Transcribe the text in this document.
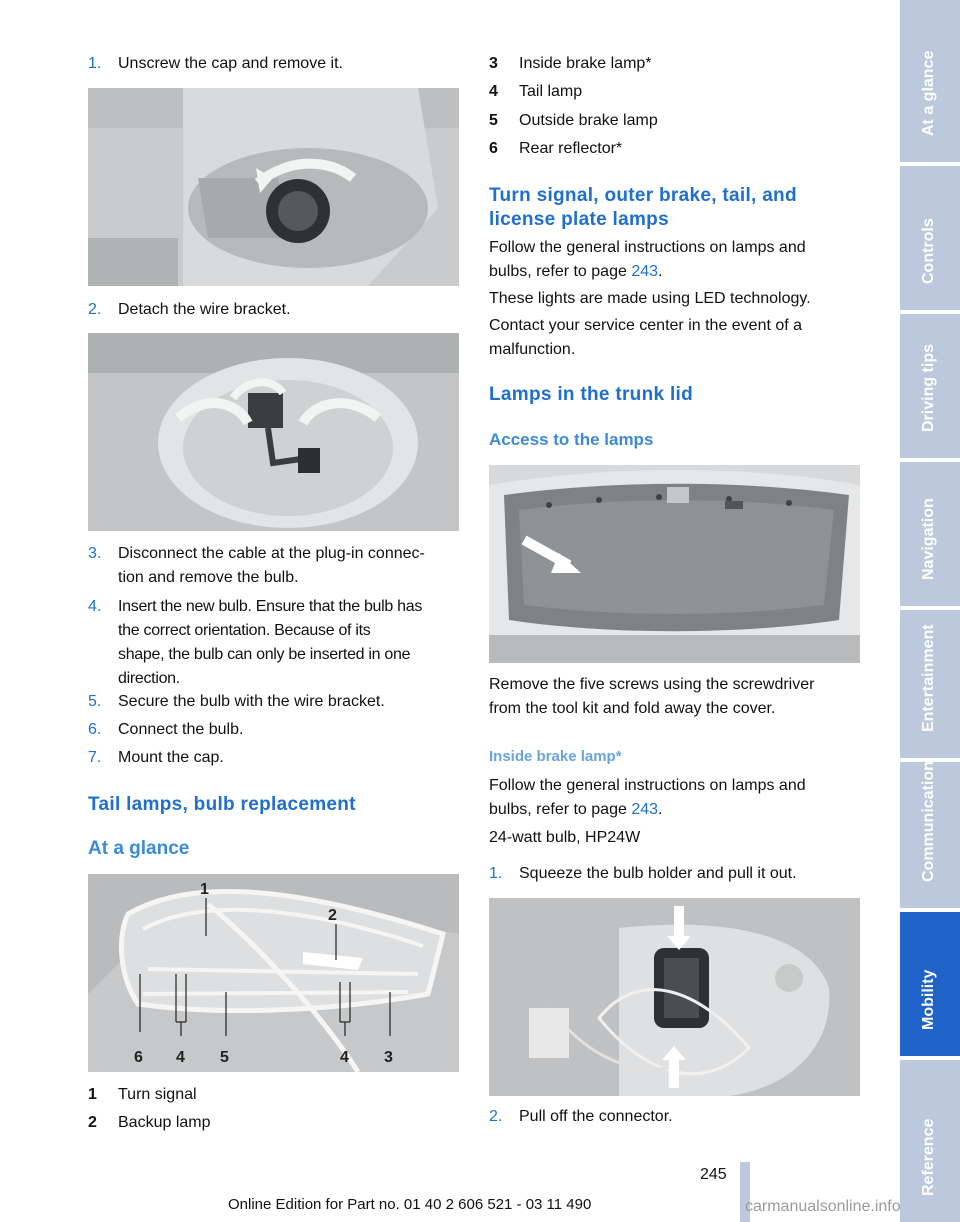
1. Unscrew the cap and remove it.
2. Detach the wire bracket.
3. Disconnect the cable at the plug-in connec-
tion and remove the bulb.
4. Insert the new bulb. Ensure that the bulb has
the correct orientation. Because of its
shape, the bulb can only be inserted in one
direction.
5. Secure the bulb with the wire bracket.
6. Connect the bulb.
7. Mount the cap.
Tail lamps, bulb replacement
At a glance
1
2
6 4 5	4 3
1 Turn signal
2 Backup lamp
3 Inside brake lamp*
4 Tail lamp
5 Outside brake lamp
6 Rear reflector*
Turn signal, outer brake, tail, and
license plate lamps
Follow the general instructions on lamps and
bulbs, refer to page 243.
These lights are made using LED technology.
Contact your service center in the event of a
malfunction.
Lamps in the trunk lid
Access to the lamps
Remove the five screws using the screwdriver
from the tool kit and fold away the cover.
Inside brake lamp*
Follow the general instructions on lamps and
bulbs, refer to page 243.
24-watt bulb, HP24W
1. Squeeze the bulb holder and pull it out.
2. Pull off the connector.
At a glance
Controls
Driving tips
Navigation
Entertainment
Communication
Mobility
Reference
245
Online Edition for Part no. 01 40 2 606 521 - 03 11 490	carmanualsonline.info
